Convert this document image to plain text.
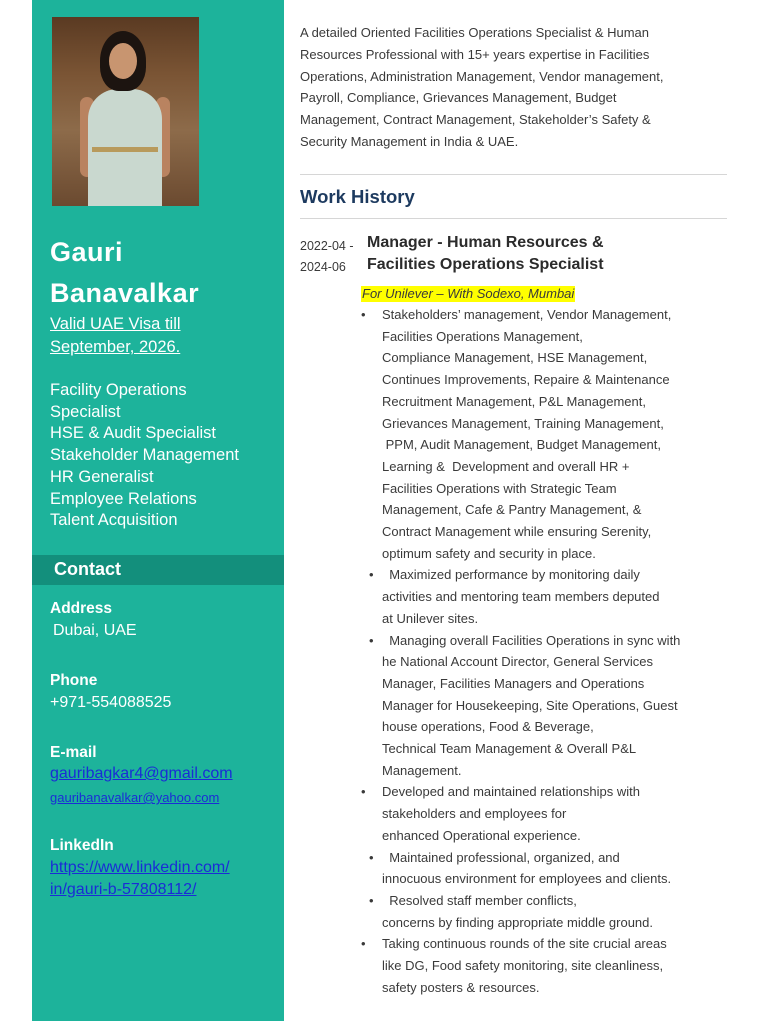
Gauri
Banavalkar
Valid UAE Visa till
September, 2026.
Facility Operations
Specialist
HSE & Audit Specialist
Stakeholder Management
HR Generalist
Employee Relations
Talent Acquisition
Contact
Address
Dubai, UAE
Phone
+971-554088525
E-mail
gauribagkar4@gmail.com
gauribanavalkar@yahoo.com
LinkedIn
https://www.linkedin.com/
in/gauri-b-57808112/
A detailed Oriented Facilities Operations Specialist & Human
Resources Professional with 15+ years expertise in Facilities
Operations, Administration Management, Vendor management,
Payroll, Compliance, Grievances Management, Budget
Management, Contract Management, Stakeholder’s Safety &
Security Management in India & UAE.
Work History
2022-04 -
2024-06
Manager - Human Resources &
Facilities Operations Specialist
For Unilever – With Sodexo, Mumbai
• Stakeholders’ management, Vendor Management,
Facilities Operations Management,
Compliance Management, HSE Management,
Continues Improvements, Repaire & Maintenance
Recruitment Management, P&L Management,
Grievances Management, Training Management,
PPM, Audit Management, Budget Management,
Learning &  Development and overall HR +
Facilities Operations with Strategic Team
Management, Cafe & Pantry Management, &
Contract Management while ensuring Serenity,
optimum safety and security in place.
• Maximized performance by monitoring daily
activities and mentoring team members deputed
at Unilever sites.
• Managing overall Facilities Operations in sync with
he National Account Director, General Services
Manager, Facilities Managers and Operations
Manager for Housekeeping, Site Operations, Guest
house operations, Food & Beverage,
Technical Team Management & Overall P&L
Management.
• Developed and maintained relationships with
stakeholders and employees for
enhanced Operational experience.
• Maintained professional, organized, and
innocuous environment for employees and clients.
• Resolved staff member conflicts,
concerns by finding appropriate middle ground.
• Taking continuous rounds of the site crucial areas
like DG, Food safety monitoring, site cleanliness,
safety posters & resources.
